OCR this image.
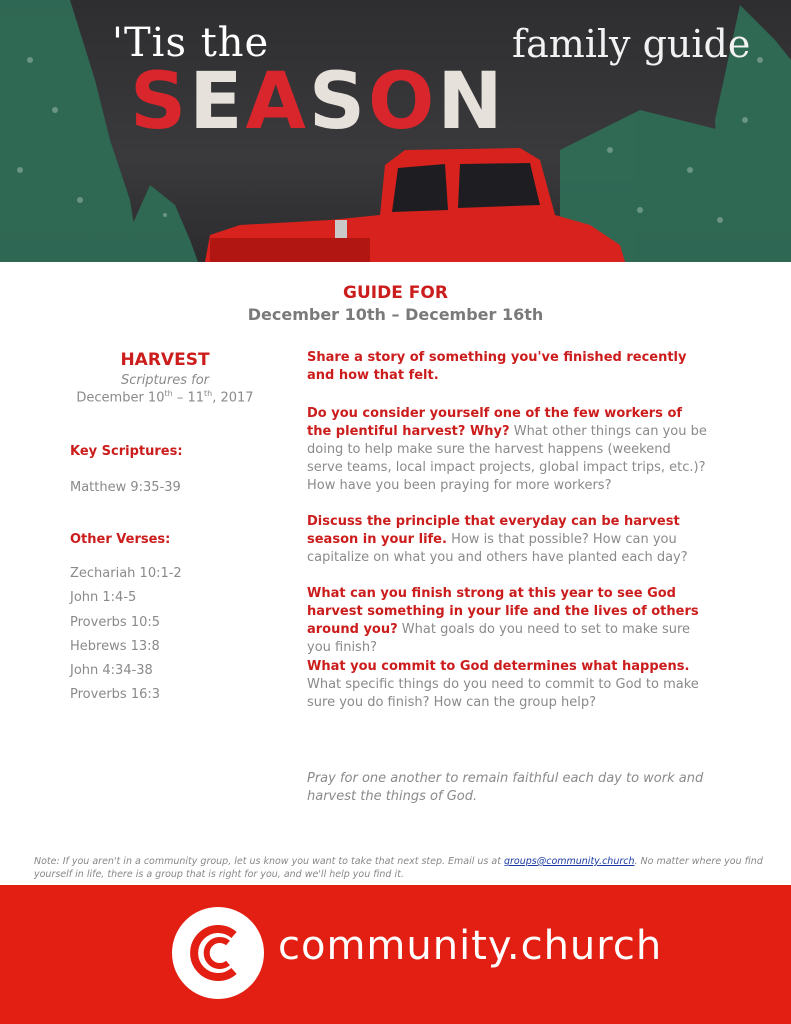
'Tis the
SEASON
family guide
GUIDE FOR
December 10th – December 16th
HARVEST
Scriptures for
December 10th – 11th, 2017
Key Scriptures:
Matthew 9:35-39
Other Verses:
Zechariah 10:1-2
John 1:4-5
Proverbs 10:5
Hebrews 13:8
John 4:34-38
Proverbs 16:3

Share a story of something you've finished recently and how that felt.

Do you consider yourself one of the few workers of the plentiful harvest? Why? What other things can you be doing to help make sure the harvest happens (weekend serve teams, local impact projects, global impact trips, etc.)? How have you been praying for more workers?

Discuss the principle that everyday can be harvest season in your life. How is that possible? How can you capitalize on what you and others have planted each day?

What can you finish strong at this year to see God harvest something in your life and the lives of others around you? What goals do you need to set to make sure you finish?

What you commit to God determines what happens. What specific things do you need to commit to God to make sure you do finish? How can the group help?

Pray for one another to remain faithful each day to work and harvest the things of God.

Note: If you aren't in a community group, let us know you want to take that next step. Email us at groups@community.church. No matter where you find yourself in life, there is a group that is right for you, and we'll help you find it.
community.church
